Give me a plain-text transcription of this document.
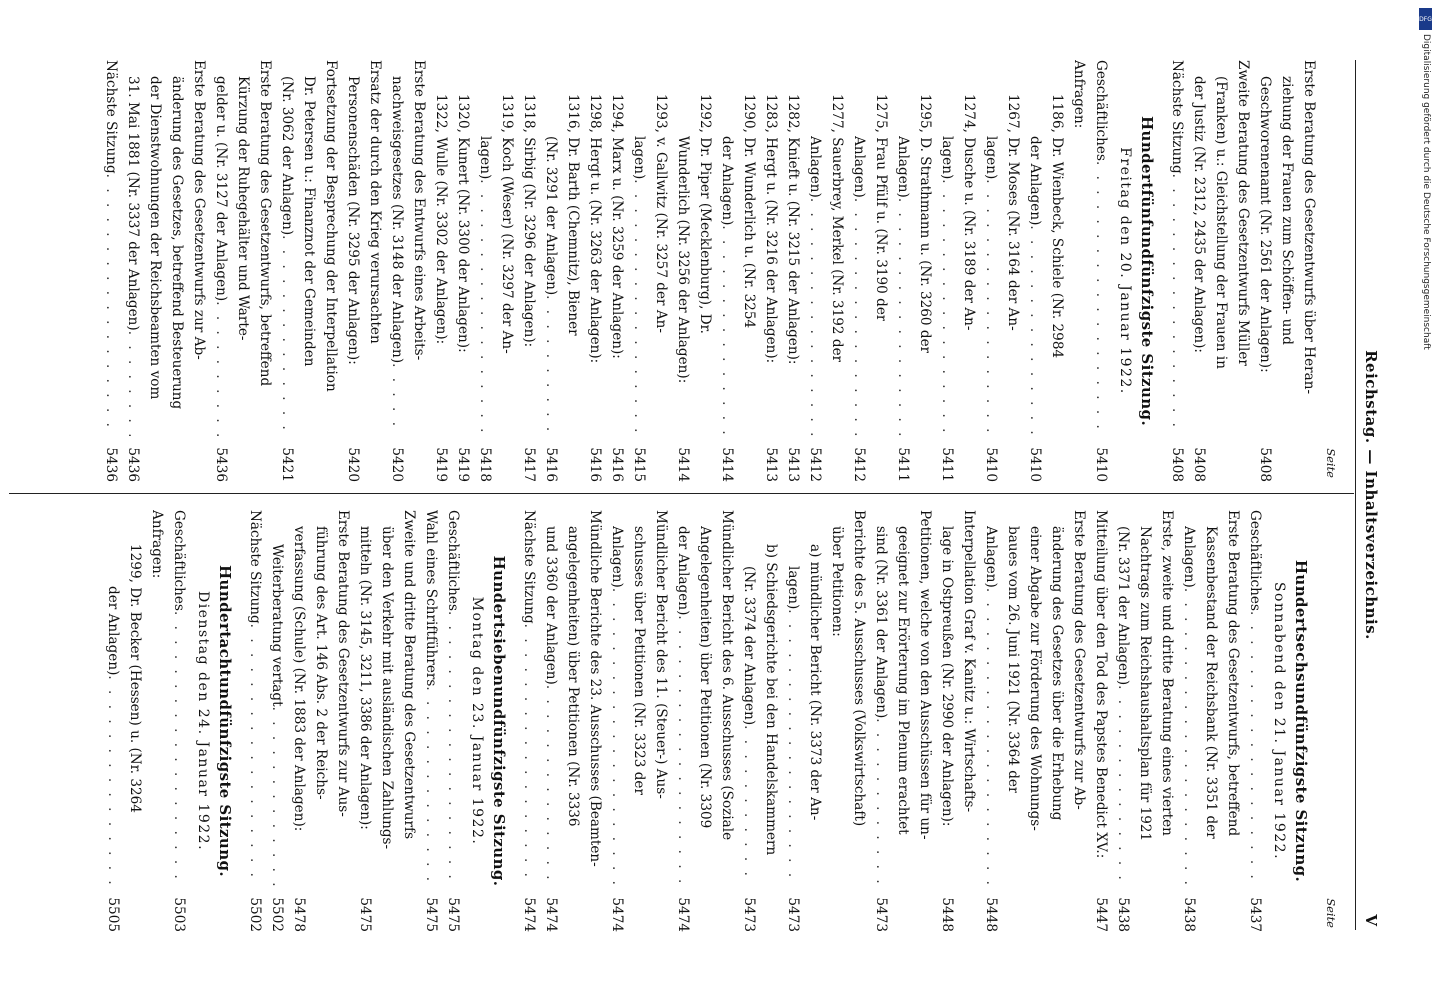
Reichstag. — Inhaltsverzeichnis.
V
Seite
Erste Beratung des Gesetzentwurfs über Heran-
ziehung der Frauen zum Schöffen- und
Geschworenenamt (Nr. 2561 der Anlagen):
5408
Zweite Beratung des Gesetzentwurfs Müller
(Franken) u.: Gleichstellung der Frauen in
der Justiz (Nr. 2312, 2435 der Anlagen):
5408
Nächste Sitzung
. . .
5408
Hundertfünfundfünfzigste Sitzung.
Freitag den 20. Januar 1922.
Geschäftliches
. . .
5410
Anfragen:
1186, Dr. Wienbeck, Schiele (Nr. 2984
der Anlagen)
. . .
5410
1267, Dr. Moses (Nr. 3164 der An-
lagen)
. . .
5410
1274, Dusche u. (Nr. 3189 der An-
lagen)
. . .
5411
1295, D. Strathmann u. (Nr. 3260 der
Anlagen)
. . .
5411
1275, Frau Pfülf u. (Nr. 3190 der
Anlagen)
. . .
5412
1277, Sauerbrey, Merkel (Nr. 3192 der
Anlagen)
. . .
5412
1282, Knieft u. (Nr. 3215 der Anlagen):
5413
1283, Hergt u. (Nr. 3216 der Anlagen):
5413
1290, Dr. Wunderlich u. (Nr. 3254
der Anlagen)
. . .
5414
1292, Dr. Piper (Mecklenburg), Dr.
Wunderlich (Nr. 3256 der Anlagen):
5414
1293, v. Gallwitz (Nr. 3257 der An-
lagen)
. . .
5415
1294, Marx u. (Nr. 3259 der Anlagen):
5416
1298, Hergt u. (Nr. 3263 der Anlagen):
5416
1316, Dr. Barth (Chemnitz), Biener
(Nr. 3291 der Anlagen)
. . .
5416
1318, Sirbig (Nr. 3296 der Anlagen):
5417
1319, Koch (Weser) (Nr. 3297 der An-
lagen)
. . .
5418
1320, Kunert (Nr. 3300 der Anlagen):
5419
1322, Wulle (Nr. 3302 der Anlagen):
5419
Erste Beratung des Entwurfs eines Arbeits-
nachweisgesetzes (Nr. 3148 der Anlagen)
. . .
5420
Ersatz der durch den Krieg verursachten
Personenschäden (Nr. 3295 der Anlagen):
5420
Fortsetzung der Besprechung der Interpellation
Dr. Petersen u.: Finanznot der Gemeinden
(Nr. 3062 der Anlagen)
. . .
5421
Erste Beratung des Gesetzentwurfs, betreffend
Kürzung der Ruhegehälter und Warte-
gelder u. (Nr. 3127 der Anlagen)
. . .
5436
Erste Beratung des Gesetzentwurfs zur Ab-
änderung des Gesetzes, betreffend Besteuerung
der Dienstwohnungen der Reichsbeamten vom
31. Mai 1881 (Nr. 3337 der Anlagen)
. . .
5436
Nächste Sitzung
. . .
5436
Seite
Hundertsechsundfünfzigste Sitzung.
Sonnabend den 21. Januar 1922.
Geschäftliches
. . .
5437
Erste Beratung des Gesetzentwurfs, betreffend
Kassenbestand der Reichsbank (Nr. 3351 der
Anlagen)
. . .
5438
Erste, zweite und dritte Beratung eines vierten
Nachtrags zum Reichshaushaltsplan für 1921
(Nr. 3371 der Anlagen)
. . .
5438
Mitteilung über den Tod des Papstes Benedict XV.:
5447
Erste Beratung des Gesetzentwurfs zur Ab-
änderung des Gesetzes über die Erhebung
einer Abgabe zur Förderung des Wohnungs-
baues vom 26. Juni 1921 (Nr. 3364 der
Anlagen)
. . .
5448
Interpellation Graf v. Kanitz u.: Wirtschafts-
lage in Ostpreußen (Nr. 2990 der Anlagen):
5448
Petitionen, welche von den Ausschüssen für un-
geeignet zur Erörterung im Plenum erachtet
sind (Nr. 3361 der Anlagen)
. . .
5473
Berichte des 5. Ausschusses (Volkswirtschaft)
über Petitionen:
a) mündlicher Bericht (Nr. 3373 der An-
lagen)
. . .
5473
b) Schiedsgerichte bei den Handelskammern
(Nr. 3374 der Anlagen)
. . .
5473
Mündlicher Bericht des 6. Ausschusses (Soziale
Angelegenheiten) über Petitionen (Nr. 3309
der Anlagen)
. . .
5474
Mündlicher Bericht des 11. (Steuer-) Aus-
schusses über Petitionen (Nr. 3323 der
Anlagen)
. . .
5474
Mündliche Berichte des 23. Ausschusses (Beamten-
angelegenheiten) über Petitionen (Nr. 3336
und 3360 der Anlagen)
. . .
5474
Nächste Sitzung
. . .
5474
Hundertsiebenundfünfzigste Sitzung.
Montag den 23. Januar 1922.
Geschäftliches
. . .
5475
Wahl eines Schriftführers
. . .
5475
Zweite und dritte Beratung des Gesetzentwurfs
über den Verkehr mit ausländischen Zahlungs-
mitteln (Nr. 3145, 3211, 3386 der Anlagen):
5475
Erste Beratung des Gesetzentwurfs zur Aus-
führung des Art. 146 Abs. 2 der Reichs-
verfassung (Schule) (Nr. 1883 der Anlagen):
5478
Weiterberatung vertagt
. . .
5502
Nächste Sitzung
. . .
5502
Hundertachtundfünfzigste Sitzung.
Dienstag den 24. Januar 1922.
Geschäftliches
. . .
5503
Anfragen:
1299, Dr. Becker (Hessen) u. (Nr. 3264
der Anlagen)
. . .
5505
DFG
Digitalisierung gefördert durch die Deutsche Forschungsgemeinschaft
